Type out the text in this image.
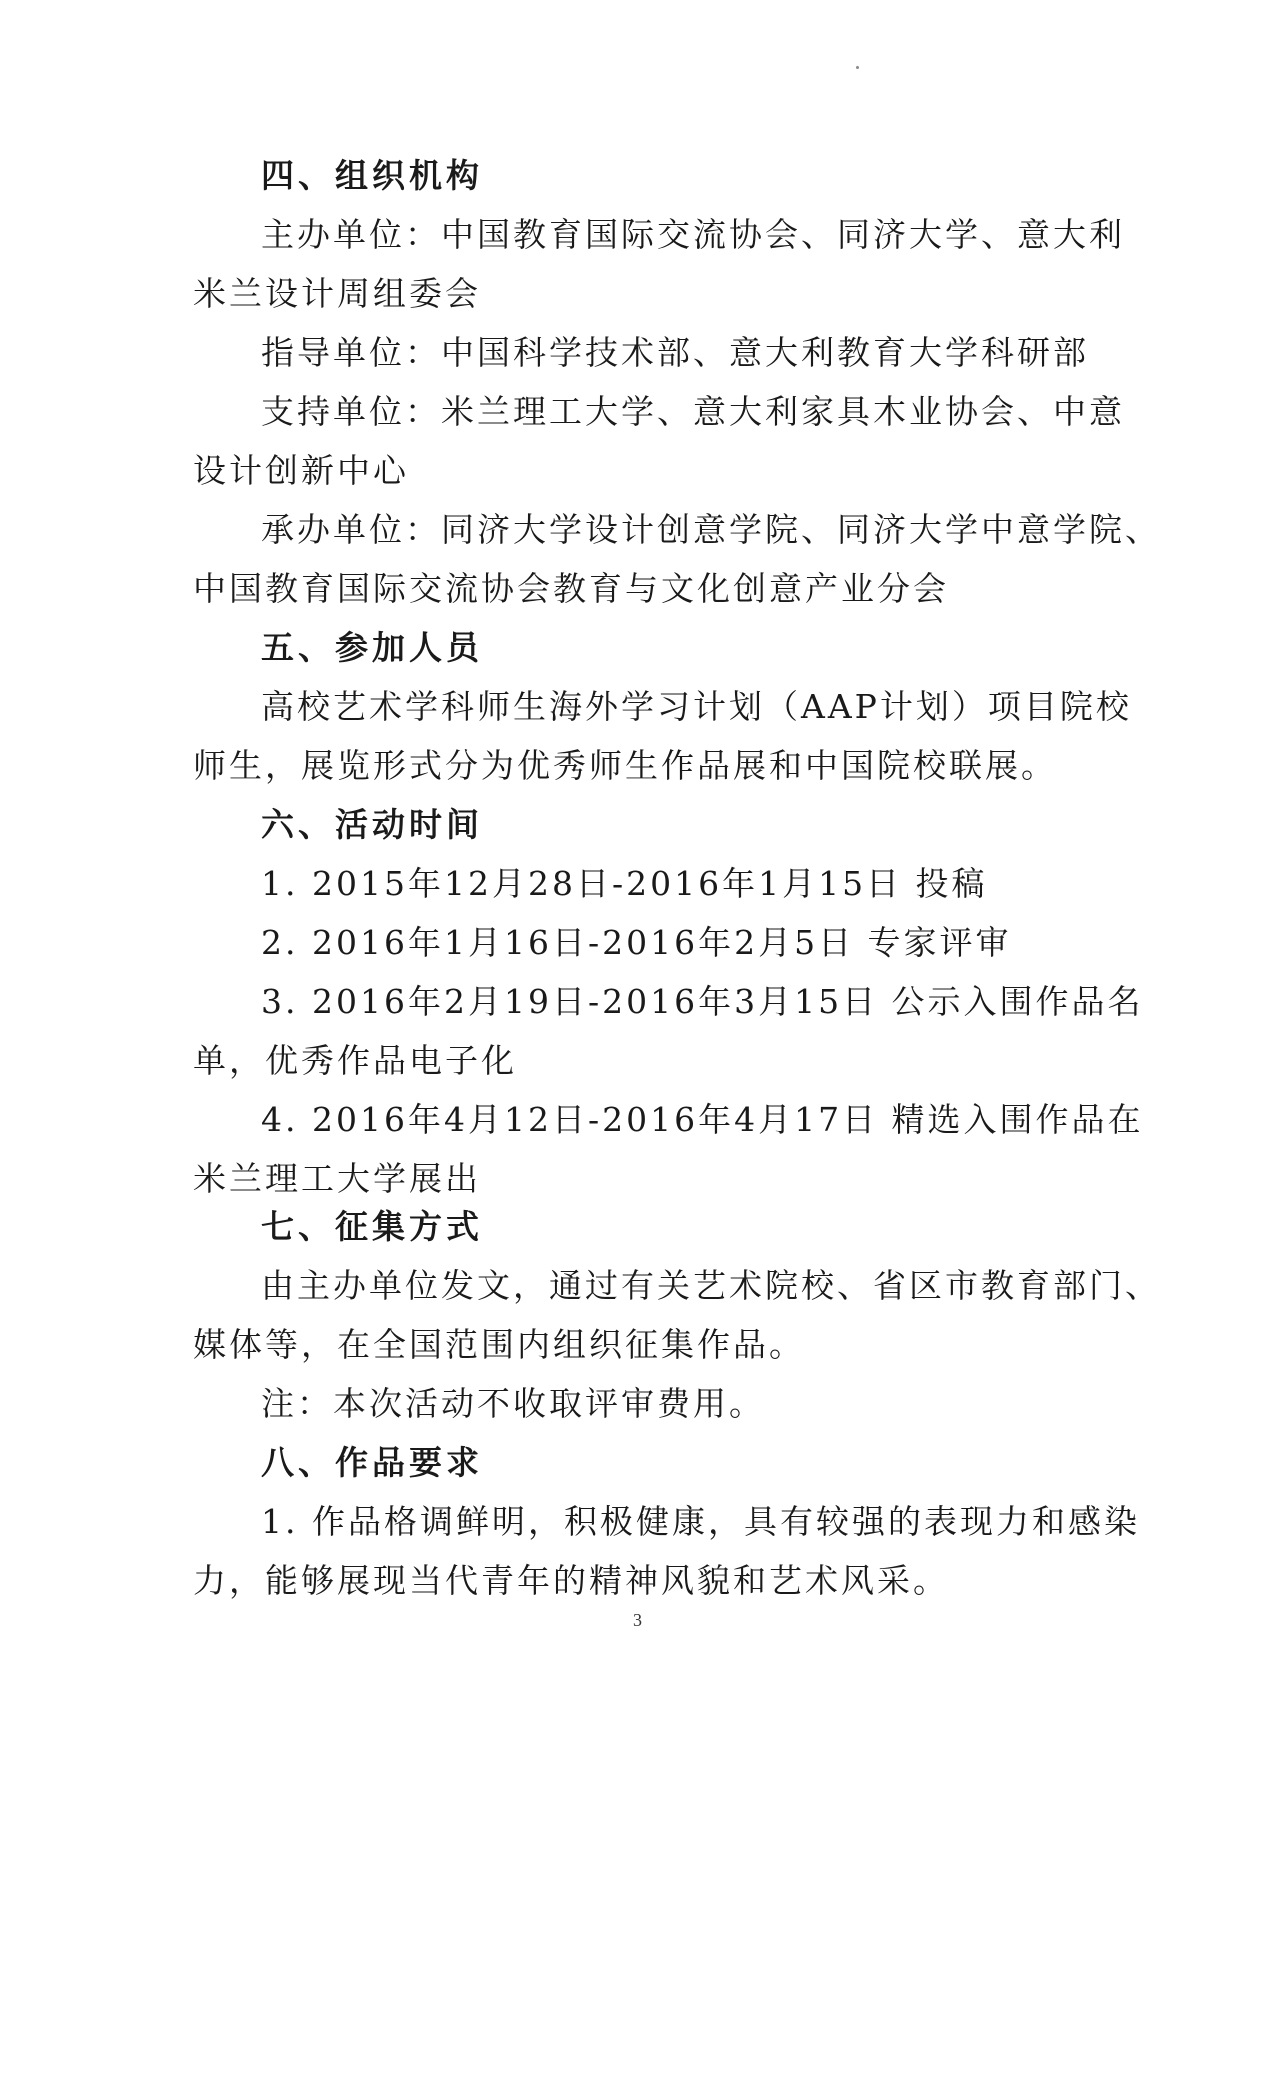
四、组织机构

主办单位：中国教育国际交流协会、同济大学、意大利
米兰设计周组委会

指导单位：中国科学技术部、意大利教育大学科研部

支持单位：米兰理工大学、意大利家具木业协会、中意
设计创新中心

承办单位：同济大学设计创意学院、同济大学中意学院、
中国教育国际交流协会教育与文化创意产业分会

五、参加人员

高校艺术学科师生海外学习计划（AAP计划）项目院校
师生，展览形式分为优秀师生作品展和中国院校联展。

六、活动时间

1. 2015年12月28日-2016年1月15日 投稿

2. 2016年1月16日-2016年2月5日 专家评审

3. 2016年2月19日-2016年3月15日 公示入围作品名
单，优秀作品电子化

4. 2016年4月12日-2016年4月17日 精选入围作品在
米兰理工大学展出

七、征集方式

由主办单位发文，通过有关艺术院校、省区市教育部门、
媒体等，在全国范围内组织征集作品。

注：本次活动不收取评审费用。

八、作品要求

1. 作品格调鲜明，积极健康，具有较强的表现力和感染
力，能够展现当代青年的精神风貌和艺术风采。

3
